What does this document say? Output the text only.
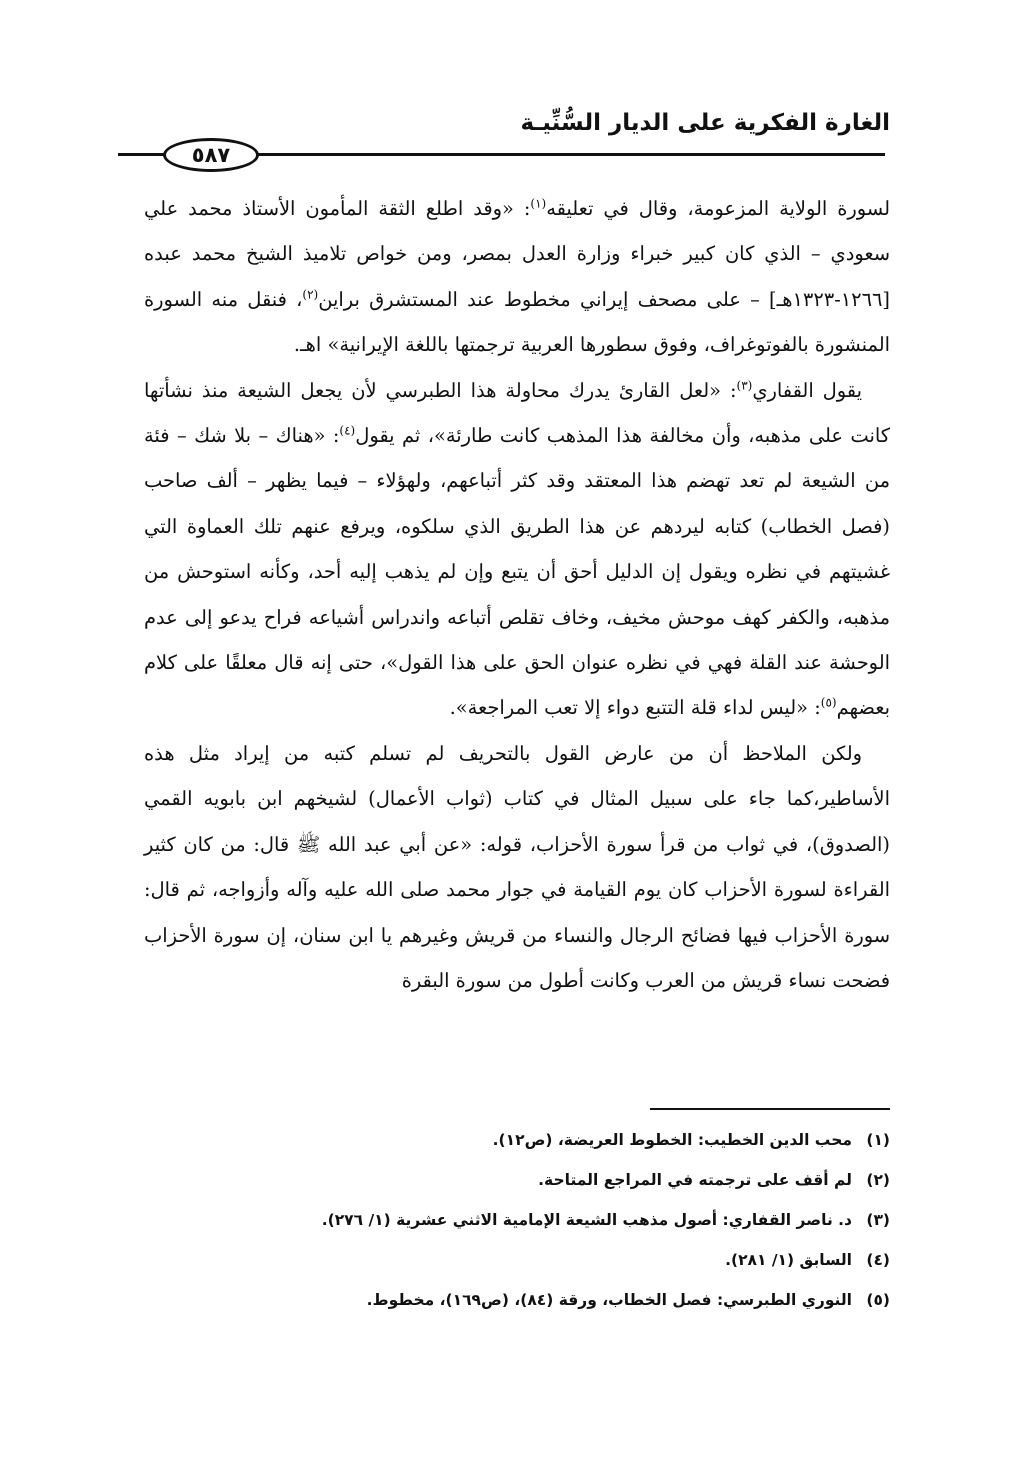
الغارة الفكرية على الديار السُّنِّيـة
٥٨٧

لسورة الولاية المزعومة، وقال في تعليقه$^{(١)}$: «وقد اطلع الثقة المأمون الأستاذ محمد علي سعودي – الذي كان كبير خبراء وزارة العدل بمصر، ومن خواص تلاميذ الشيخ محمد عبده [١٢٦٦-١٣٢٣هـ] – على مصحف إيراني مخطوط عند المستشرق براين$^{(٢)}$، فنقل منه السورة المنشورة بالفوتوغراف، وفوق سطورها العربية ترجمتها باللغة الإيرانية» اهـ.

يقول القفاري$^{(٣)}$: «لعل القارئ يدرك محاولة هذا الطبرسي لأن يجعل الشيعة منذ نشأتها كانت على مذهبه، وأن مخالفة هذا المذهب كانت طارئة»، ثم يقول$^{(٤)}$: «هناك – بلا شك – فئة من الشيعة لم تعد تهضم هذا المعتقد وقد كثر أتباعهم، ولهؤلاء – فيما يظهر – ألف صاحب (فصل الخطاب) كتابه ليردهم عن هذا الطريق الذي سلكوه، ويرفع عنهم تلك العماوة التي غشيتهم في نظره ويقول إن الدليل أحق أن يتبع وإن لم يذهب إليه أحد، وكأنه استوحش من مذهبه، والكفر كهف موحش مخيف، وخاف تقلص أتباعه واندراس أشياعه فراح يدعو إلى عدم الوحشة عند القلة فهي في نظره عنوان الحق على هذا القول»، حتى إنه قال معلقًا على كلام بعضهم$^{(٥)}$: «ليس لداء قلة التتبع دواء إلا تعب المراجعة».

ولكن الملاحظ أن من عارض القول بالتحريف لم تسلم كتبه من إيراد مثل هذه الأساطير،كما جاء على سبيل المثال في كتاب (ثواب الأعمال) لشيخهم ابن بابويه القمي (الصدوق)، في ثواب من قرأ سورة الأحزاب، قوله: «عن أبي عبد الله ﷺ قال: من كان كثير القراءة لسورة الأحزاب كان يوم القيامة في جوار محمد صلى الله عليه وآله وأزواجه، ثم قال: سورة الأحزاب فيها فضائح الرجال والنساء من قريش وغيرهم يا ابن سنان، إن سورة الأحزاب فضحت نساء قريش من العرب وكانت أطول من سورة البقرة

(١)
محب الدين الخطيب: الخطوط العريضة، (ص١٢).
(٢)
لم أقف على ترجمته في المراجع المتاحة.
(٣)
د. ناصر القفاري: أصول مذهب الشيعة الإمامية الاثني عشرية (١/ ٢٧٦).
(٤)
السابق (١/ ٢٨١).
(٥)
النوري الطبرسي: فصل الخطاب، ورقة (٨٤)، (ص١٦٩)، مخطوط.
